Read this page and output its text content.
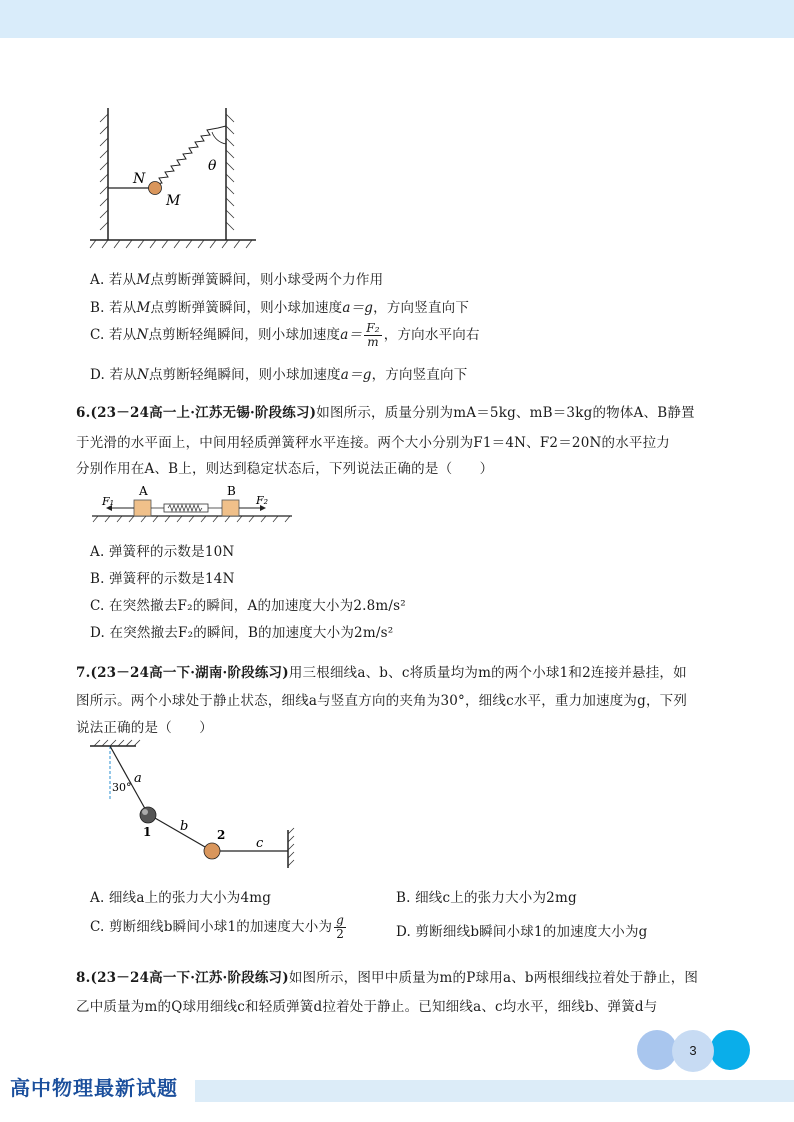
N
M
θ
A. 若从M点剪断弹簧瞬间，则小球受两个力作用
B. 若从M点剪断弹簧瞬间，则小球加速度a＝g，方向竖直向下
C. 若从N点剪断轻绳瞬间，则小球加速度$a= \frac{\text{F₂}}{m}$ ，方向水平向右
D. 若从N点剪断轻绳瞬间，则小球加速度a＝g，方向竖直向下
6.(23－24高一上·江苏无锡·阶段练习)如图所示，质量分别为mA＝5kg、mB＝3kg的物体A、B静置
于光滑的水平面上，中间用轻质弹簧秤水平连接。两个大小分别为F1＝4N、F2＝20N的水平拉力
分别作用在A、B上，则达到稳定状态后，下列说法正确的是（　　）
A	B
F₁	F₂
A. 弹簧秤的示数是10N
B. 弹簧秤的示数是14N
C. 在突然撤去F₂的瞬间，A的加速度大小为2.8m/s²
D. 在突然撤去F₂的瞬间，B的加速度大小为2m/s²
7.(23－24高一下·湖南·阶段练习)用三根细线a、b、c将质量均为m的两个小球1和2连接并悬挂，如
图所示。两个小球处于静止状态，细线a与竖直方向的夹角为30°，细线c水平，重力加速度为g，下列
说法正确的是（　　）
a
30°
1 b
2
c
A. 细线a上的张力大小为4mg	B. 细线c上的张力大小为2mg
C. 剪断细线b瞬间小球1的加速度大小为 $\frac{g}{2}$	D. 剪断细线b瞬间小球1的加速度大小为g
8.(23－24高一下·江苏·阶段练习)如图所示，图甲中质量为m的P球用a、b两根细线拉着处于静止，图
乙中质量为m的Q球用细线c和轻质弹簧d拉着处于静止。已知细线a、c均水平，细线b、弹簧d与
3
高中物理最新试题
